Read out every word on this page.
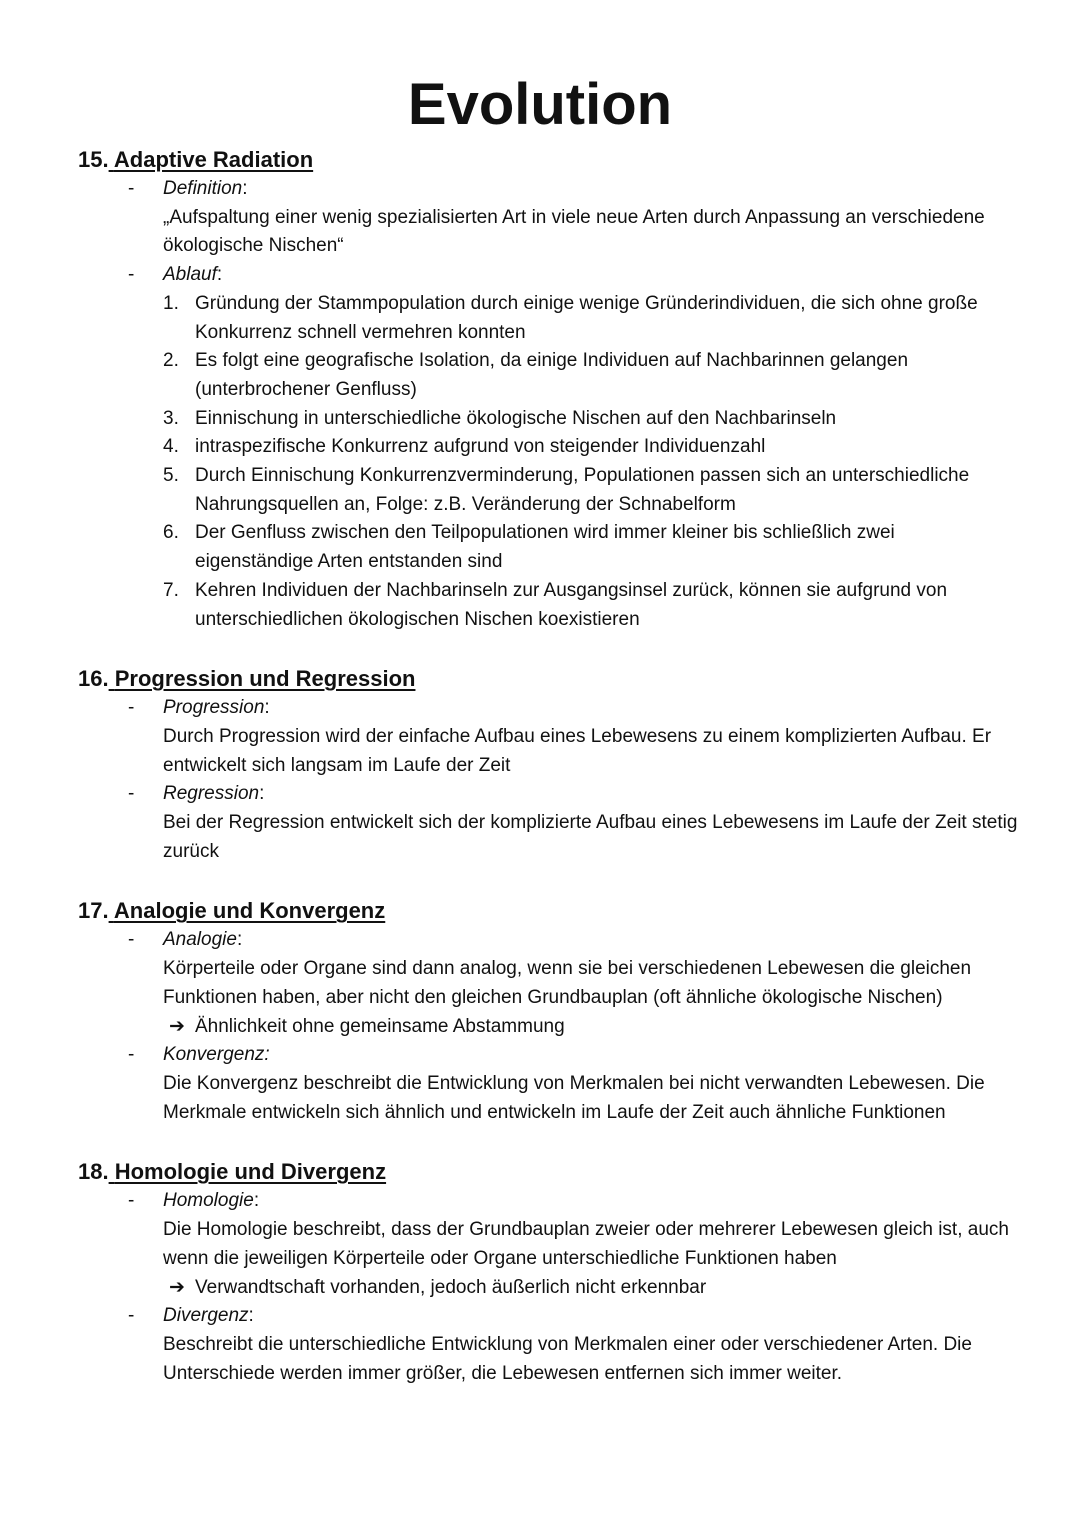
Evolution
15. Adaptive Radiation
- Definition:
„Aufspaltung einer wenig spezialisierten Art in viele neue Arten durch Anpassung an verschiedene ökologische Nischen“
- Ablauf:
1. Gründung der Stammpopulation durch einige wenige Gründerindividuen, die sich ohne große Konkurrenz schnell vermehren konnten
2. Es folgt eine geografische Isolation, da einige Individuen auf Nachbarinnen gelangen (unterbrochener Genfluss)
3. Einnischung in unterschiedliche ökologische Nischen auf den Nachbarinseln
4. intraspezifische Konkurrenz aufgrund von steigender Individuenzahl
5. Durch Einnischung Konkurrenzverminderung, Populationen passen sich an unterschiedliche Nahrungsquellen an, Folge: z.B. Veränderung der Schnabelform
6. Der Genfluss zwischen den Teilpopulationen wird immer kleiner bis schließlich zwei eigenständige Arten entstanden sind
7. Kehren Individuen der Nachbarinseln zur Ausgangsinsel zurück, können sie aufgrund von unterschiedlichen ökologischen Nischen koexistieren
16. Progression und Regression
- Progression:
Durch Progression wird der einfache Aufbau eines Lebewesens zu einem komplizierten Aufbau. Er entwickelt sich langsam im Laufe der Zeit
- Regression:
Bei der Regression entwickelt sich der komplizierte Aufbau eines Lebewesens im Laufe der Zeit stetig zurück
17. Analogie und Konvergenz
- Analogie:
Körperteile oder Organe sind dann analog, wenn sie bei verschiedenen Lebewesen die gleichen Funktionen haben, aber nicht den gleichen Grundbauplan (oft ähnliche ökologische Nischen)
➔ Ähnlichkeit ohne gemeinsame Abstammung
- Konvergenz:
Die Konvergenz beschreibt die Entwicklung von Merkmalen bei nicht verwandten Lebewesen. Die Merkmale entwickeln sich ähnlich und entwickeln im Laufe der Zeit auch ähnliche Funktionen
18. Homologie und Divergenz
- Homologie:
Die Homologie beschreibt, dass der Grundbauplan zweier oder mehrerer Lebewesen gleich ist, auch wenn die jeweiligen Körperteile oder Organe unterschiedliche Funktionen haben
➔ Verwandtschaft vorhanden, jedoch äußerlich nicht erkennbar
- Divergenz:
Beschreibt die unterschiedliche Entwicklung von Merkmalen einer oder verschiedener Arten. Die Unterschiede werden immer größer, die Lebewesen entfernen sich immer weiter.
